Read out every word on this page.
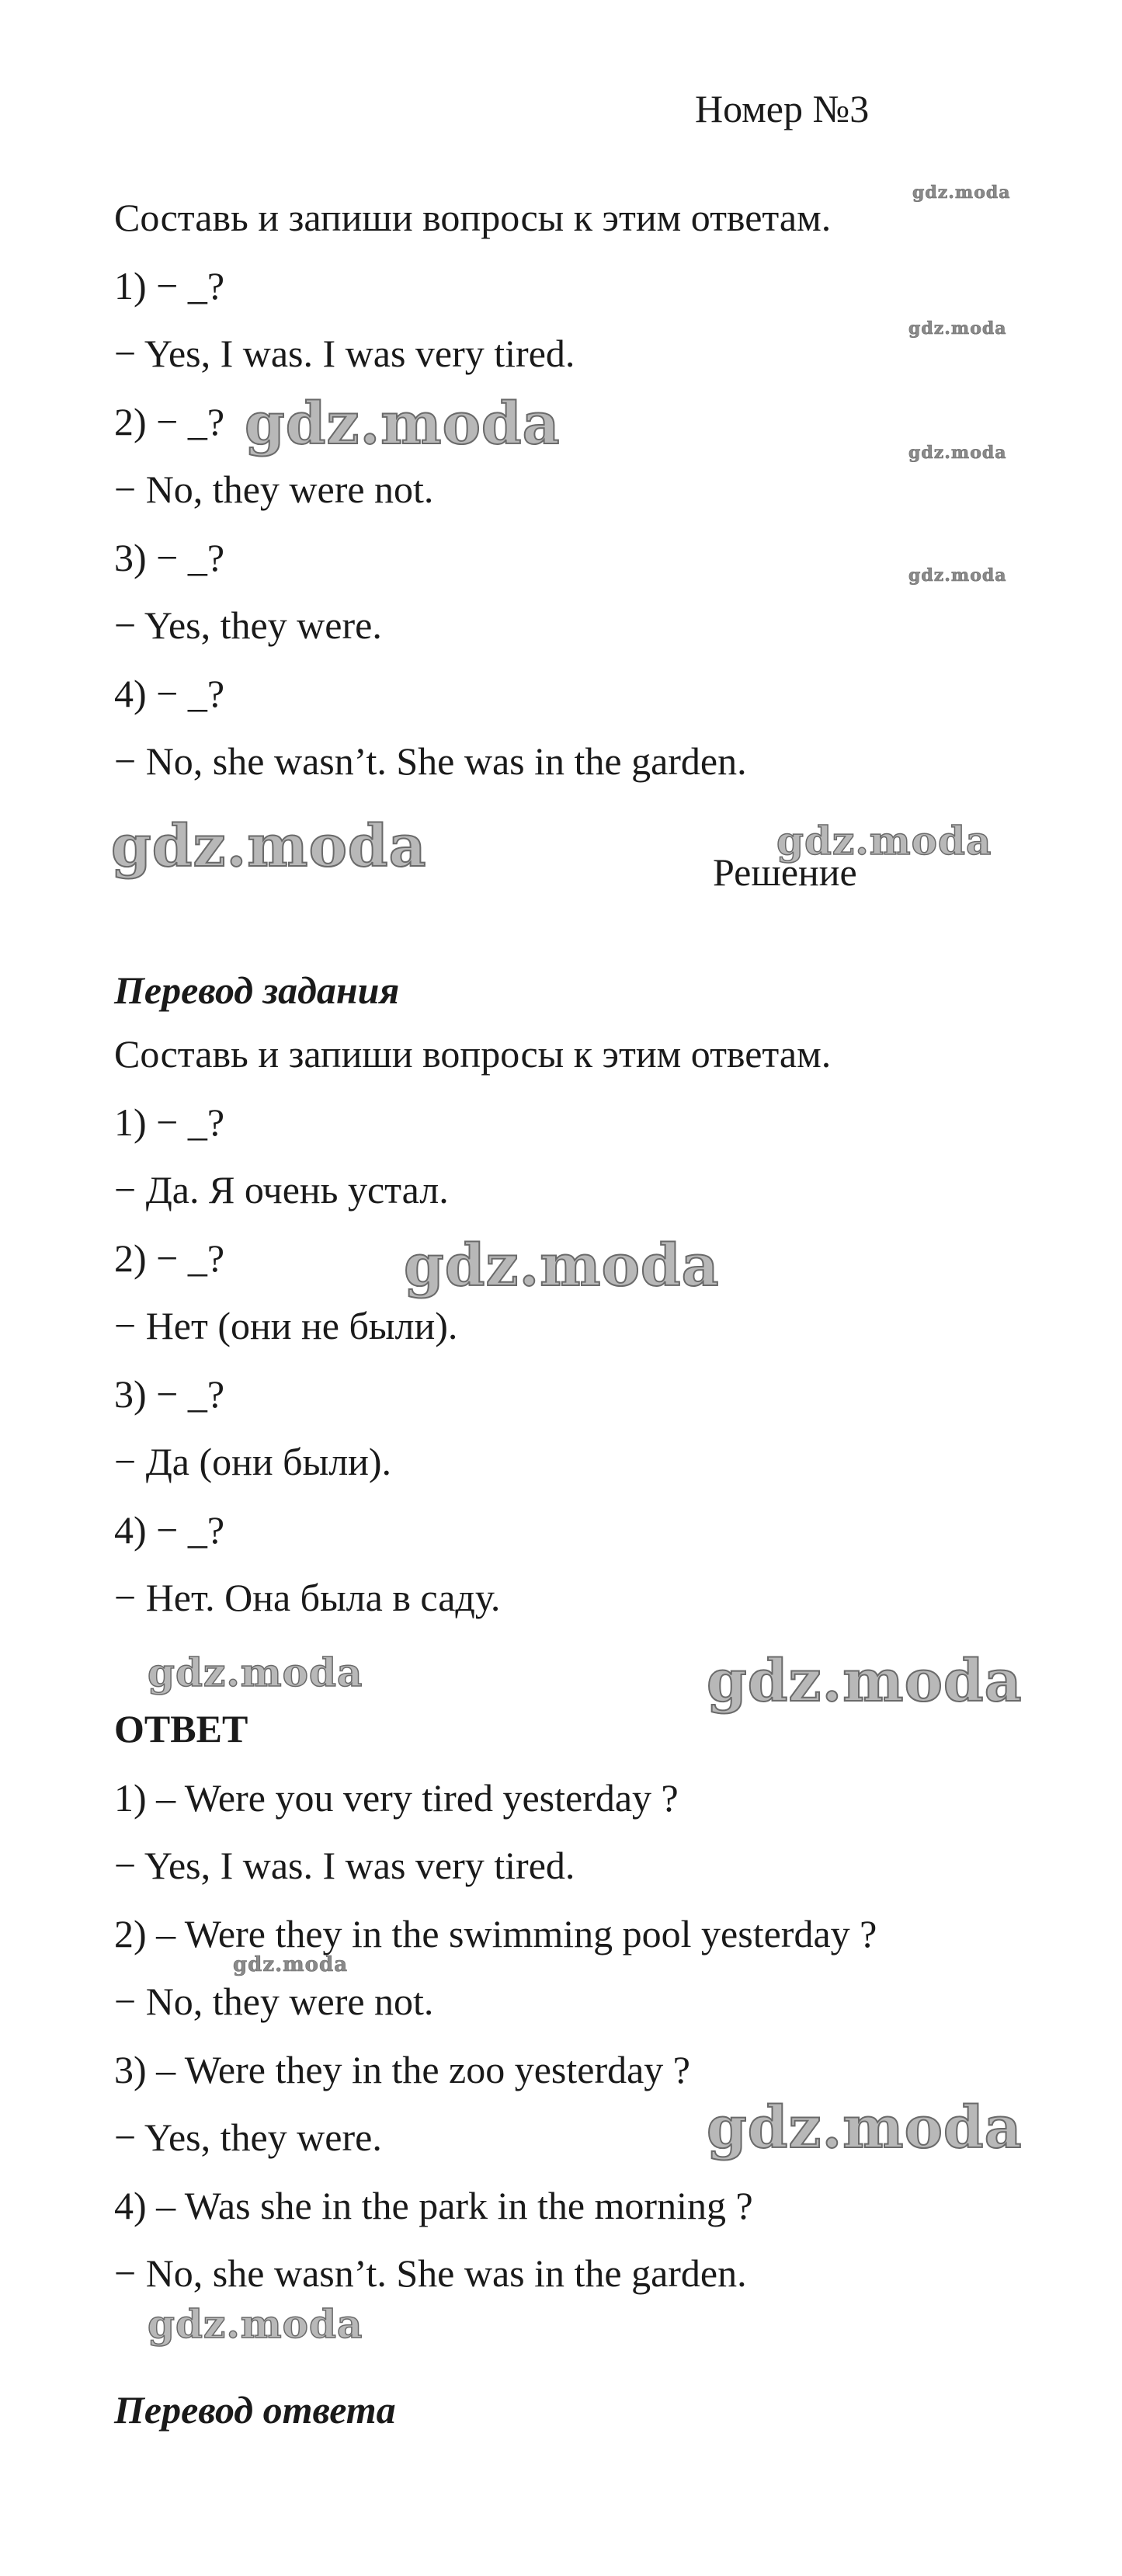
Номер №3
Составь и запиши вопросы к этим ответам.
1) − _?
− Yes, I was. I was very tired.
2) − _?
− No, they were not.
3) − _?
− Yes, they were.
4) − _?
− No, she wasn’t. She was in the garden.
Решение
Перевод задания
Составь и запиши вопросы к этим ответам.
1) − _?
− Да. Я очень устал.
2) − _?
− Нет (они не были).
3) − _?
− Да (они были).
4) − _?
− Нет. Она была в саду.
ОТВЕТ
1) – Were you very tired yesterday ?
− Yes, I was. I was very tired.
2) – Were they in the swimming pool yesterday ?
− No, they were not.
3) – Were they in the zoo yesterday ?
− Yes, they were.
4) – Was she in the park in the morning ?
− No, she wasn’t. She was in the garden.
Перевод ответа
gdz.moda
gdz.moda
gdz.moda
gdz.moda
gdz.moda
gdz.moda	gdz.moda
gdz.moda
gdz.moda	gdz.moda
gdz.moda
gdz.moda
gdz.moda
